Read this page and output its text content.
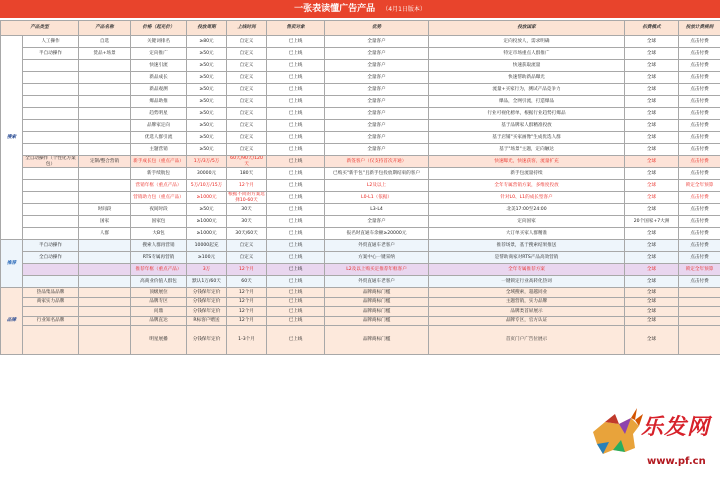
一张表读懂广告产品 （4月1日版本）
产品类型		产品名称	价格（起充价）	投放周期	上线时间	售卖对象	优势	投放国家	扣费模式	投放计费规则	
搜索	人工操作	自选	关键词排名	≥80元	自定义	已上线	全量客户	定向投放人，需求明确	全球	点击付费	
	半自动操作	货品+场景	定向推广	≥50元	自定义	已上线	全量客户	特定市场重点人群推广	全球	点击付费	
			快速引流	≥50元	自定义	已上线	全量客户	快速获取流量	全球	点击付费	
			新品成长	≥50元	自定义	已上线	全量客户	快速帮助新品曝光	全球	点击付费	
			新品观测	≥50元	自定义	已上线	全量客户	流量+买家行为，测试产品竞争力	全球	点击付费	
			爆品助推	≥50元	自定义	已上线	全量客户	爆品，全网引流，打造爆品	全球	点击付费	
			趋势明星	≥50元	自定义	已上线	全量客户	行业可视化榜单，根据行业趋势打爆品	全球	点击付费	
			品牌家定向	≥50元	自定义	已上线	全量客户	基于品牌家人群精准投放	全球	点击付费	
			优选人群引流	≥50元	自定义	已上线	全量客户	基于店铺"买家画像"生成优选人群	全球	点击付费	
			主题营销	≥50元	自定义	已上线	全量客户	基于"场景"主题，定向触达	全球	点击付费	
	全自动操作（个性化方案包）	定制/整合营销	新手成长包（重点产品）	1万/3万/5万	60天/90天/120天	已上线	新签客户（仅支持首次开通）	快速曝光，快速获客，流量扩充	全球	点击付费	
			新手续航包	30000元	180天	已上线	已购买"新手包"且新手包投放期结束的客户	新手包流量持续	全球	点击付费	
			营销年框（重点产品）	5万/10万/15万	12个月	已上线	L2及以上	全年专属营销方案，多维度投放	全球	锁定全年预算	
			营销助力包（重点产品）	≥1000元	根据不同的方案选择10-60天	已上线	L0-L1（依据）	针对L0、L1的成长型客户	全球	点击付费	
		时间段	夜间时段	≥50元	30天	已上线	L3-L4	北美17:00至24:00	全球	点击付费	
		国家	国家包	≥1000元	30天	已上线	全量客户	定向国家	20个国家+7大洲	点击付费	
		人群	大B包	≥1000元	30天/60天	已上线	报名时直通车余额≥20000元	大订单买家人群精准	全球	点击付费	
推荐	半自动操作		搜索人群再营销	10000起充	自定义	已上线	外贸直通车老客户	推荐场景，基于搜索结果推送	全球	点击付费	
	全自动操作		RTS专属再营销	≥100元	自定义	已上线	方案中心一键采纳	是帮助商家对RTS产品高效营销	全球	点击付费	
			推荐年框（重点产品）	3万	12个月	已上线	L2及以上购买定推荐年框客户	全年专属推荐方案	全球	锁定全年预算	
			高商业价值人群包	默认1万/60天	60天	已上线	外贸直通车老客户	一键锁定行业高转化热词	全球	点击付费	
品牌	热品集品品牌		顶级展位	分钱保年定价	12个月	已上线	品牌商标门槛	全域搜索，超越同业	全球		
	商家实力品牌		品牌专区	分钱保年定价	12个月	已上线	品牌商标门槛	主题营销，实力品牌	全球		
			问鼎	分钱保年定价	12个月	已上线	品牌商标门槛	品牌类首屏展示	全球		
	行业知名品牌		品牌直达	R标客户赠送	12个月	已上线	品牌商标门槛	品牌专区，官方认证	全球		
			明星展播	分钱保年定价	1-3个月	已上线	品牌商标门槛	首页门户广告位展示	全球		
乐发网
www.pf.cn
